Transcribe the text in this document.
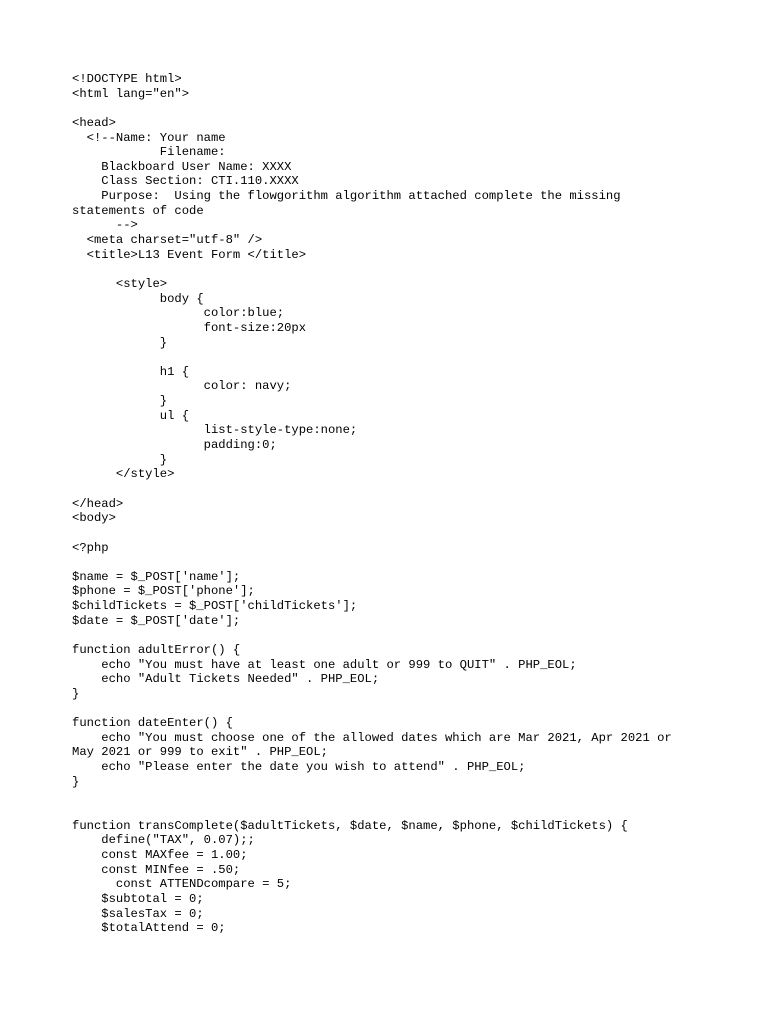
<!DOCTYPE html>
<html lang="en">
<head>
<!--Name: Your name
Filename:
Blackboard User Name: XXXX
Class Section: CTI.110.XXXX
Purpose:  Using the flowgorithm algorithm attached complete the missing
statements of code
-->
<meta charset="utf-8" />
<title>L13 Event Form </title>
<style>
body {
color:blue;
font-size:20px
}
h1 {
color: navy;
}
ul {
list-style-type:none;
padding:0;
}
</style>
</head>
<body>
<?php
$name = $_POST['name'];
$phone = $_POST['phone'];
$childTickets = $_POST['childTickets'];
$date = $_POST['date'];
function adultError() {
echo "You must have at least one adult or 999 to QUIT" . PHP_EOL;
echo "Adult Tickets Needed" . PHP_EOL;
}
function dateEnter() {
echo "You must choose one of the allowed dates which are Mar 2021, Apr 2021 or
May 2021 or 999 to exit" . PHP_EOL;
echo "Please enter the date you wish to attend" . PHP_EOL;
}
function transComplete($adultTickets, $date, $name, $phone, $childTickets) {
define("TAX", 0.07);;
const MAXfee = 1.00;
const MINfee = .50;
const ATTENDcompare = 5;
$subtotal = 0;
$salesTax = 0;
$totalAttend = 0;
